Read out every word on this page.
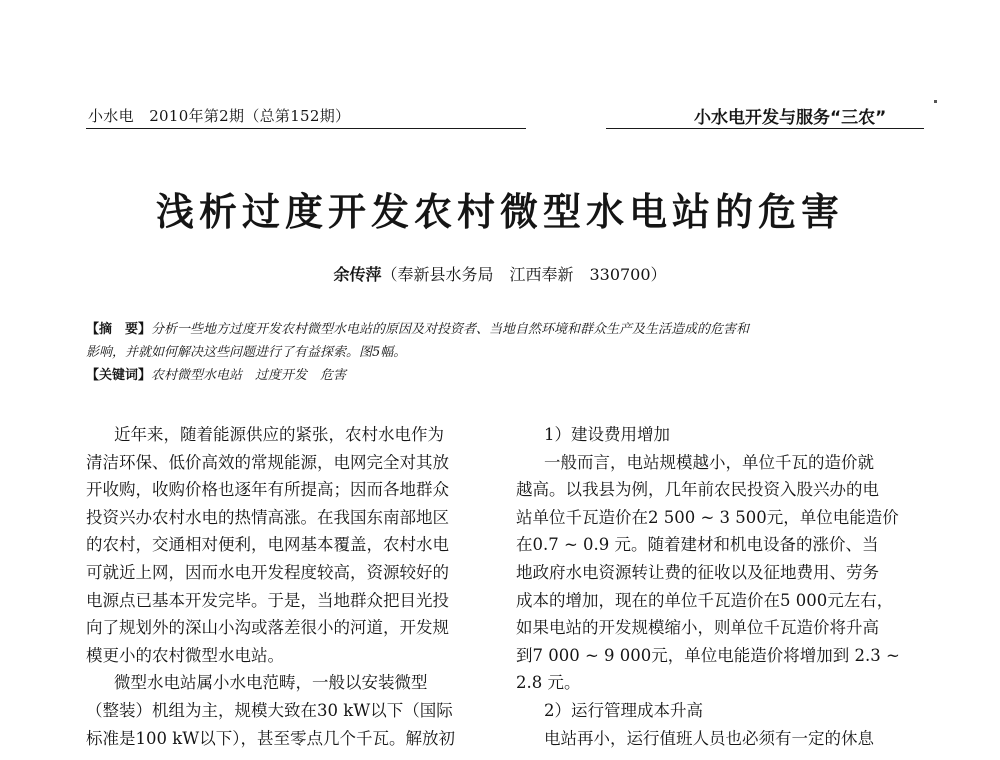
小水电　2010年第2期（总第152期）	小水电开发与服务“三农”
浅析过度开发农村微型水电站的危害
余传萍（奉新县水务局　江西奉新　330700）
【摘　要】分析一些地方过度开发农村微型水电站的原因及对投资者、当地自然环境和群众生产及生活造成的危害和
影响，并就如何解决这些问题进行了有益探索。图5幅。
【关键词】农村微型水电站　过度开发　危害
近年来，随着能源供应的紧张，农村水电作为
清洁环保、低价高效的常规能源，电网完全对其放
开收购，收购价格也逐年有所提高；因而各地群众
投资兴办农村水电的热情高涨。在我国东南部地区
的农村，交通相对便利，电网基本覆盖，农村水电
可就近上网，因而水电开发程度较高，资源较好的
电源点已基本开发完毕。于是，当地群众把目光投
向了规划外的深山小沟或落差很小的河道，开发规
模更小的农村微型水电站。
微型水电站属小水电范畴，一般以安装微型
（整装）机组为主，规模大致在30 kW以下（国际
标准是100 kW以下），甚至零点几个千瓦。解放初
1）建设费用增加
一般而言，电站规模越小，单位千瓦的造价就
越高。以我县为例，几年前农民投资入股兴办的电
站单位千瓦造价在2 500 ~ 3 500元，单位电能造价
在0.7 ~ 0.9 元。随着建材和机电设备的涨价、当
地政府水电资源转让费的征收以及征地费用、劳务
成本的增加，现在的单位千瓦造价在5 000元左右，
如果电站的开发规模缩小，则单位千瓦造价将升高
到7 000 ~ 9 000元，单位电能造价将增加到 2.3 ~
2.8 元。
2）运行管理成本升高
电站再小，运行值班人员也必须有一定的休息
